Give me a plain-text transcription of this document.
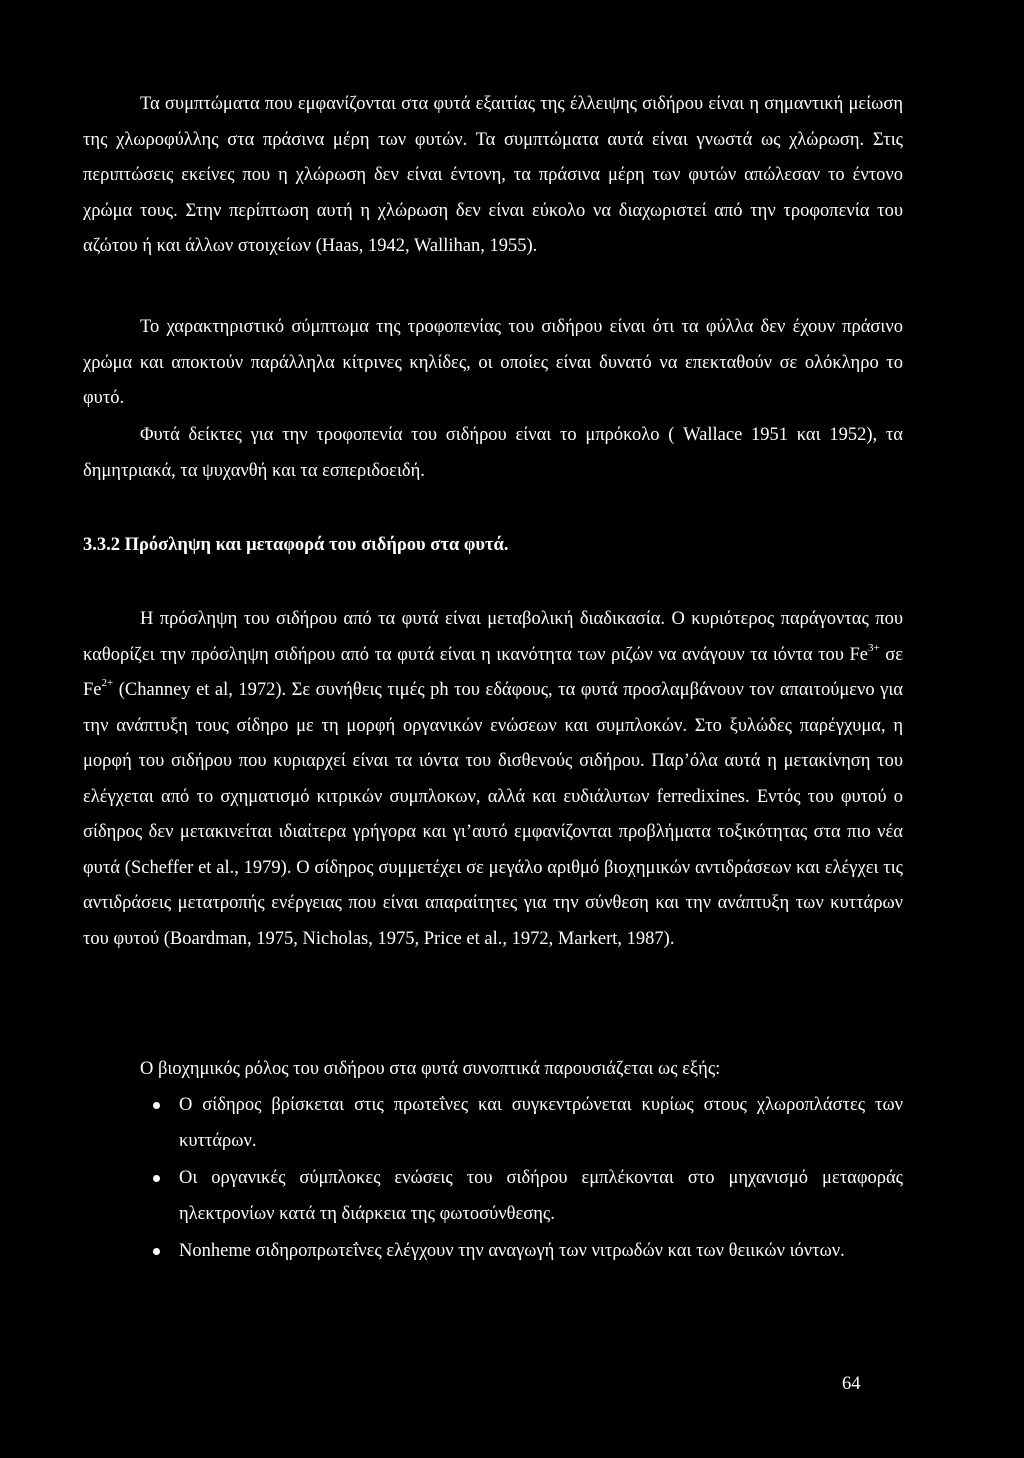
Τα συμπτώματα που εμφανίζονται στα φυτά εξαιτίας της έλλειψης σιδήρου είναι η σημαντική μείωση της χλωροφύλλης στα πράσινα μέρη των φυτών. Τα συμπτώματα αυτά είναι γνωστά ως χλώρωση. Στις περιπτώσεις εκείνες που η χλώρωση δεν είναι έντονη, τα πράσινα μέρη των φυτών απώλεσαν το έντονο χρώμα τους. Στην περίπτωση αυτή η χλώρωση δεν είναι εύκολο να διαχωριστεί από την τροφοπενία του αζώτου ή και άλλων στοιχείων (Haas, 1942, Wallihan, 1955).

Το χαρακτηριστικό σύμπτωμα της τροφοπενίας του σιδήρου είναι ότι τα φύλλα δεν έχουν πράσινο χρώμα και αποκτούν παράλληλα κίτρινες κηλίδες, οι οποίες είναι δυνατό να επεκταθούν σε ολόκληρο το φυτό.

Φυτά δείκτες για την τροφοπενία του σιδήρου είναι το μπρόκολο ( Wallace 1951 και 1952), τα δημητριακά, τα ψυχανθή και τα εσπεριδοειδή.

3.3.2 Πρόσληψη και μεταφορά του σιδήρου στα φυτά.

Η πρόσληψη του σιδήρου από τα φυτά είναι μεταβολική διαδικασία. Ο κυριότερος παράγοντας που καθορίζει την πρόσληψη σιδήρου από τα φυτά είναι η ικανότητα των ριζών να ανάγουν τα ιόντα του $Fe^{3+}$ σε $Fe^{2+}$ (Channey et al, 1972). Σε συνήθεις τιμές ph του εδάφους, τα φυτά προσλαμβάνουν τον απαιτούμενο για την ανάπτυξη τους σίδηρο με τη μορφή οργανικών ενώσεων και συμπλοκών. Στο ξυλώδες παρέγχυμα, η μορφή του σιδήρου που κυριαρχεί είναι τα ιόντα του δισθενούς σιδήρου. Παρ’όλα αυτά η μετακίνηση του ελέγχεται από το σχηματισμό κιτρικών συμπλοκων, αλλά και ευδιάλυτων ferredixines. Εντός του φυτού ο σίδηρος δεν μετακινείται ιδιαίτερα γρήγορα και γι’αυτό εμφανίζονται προβλήματα τοξικότητας στα πιο νέα φυτά (Scheffer et al., 1979). Ο σίδηρος συμμετέχει σε μεγάλο αριθμό βιοχημικών αντιδράσεων και ελέγχει τις αντιδράσεις μετατροπής ενέργειας που είναι απαραίτητες για την σύνθεση και την ανάπτυξη των κυττάρων του φυτού (Boardman, 1975, Nicholas, 1975, Price et al., 1972, Markert, 1987).

Ο βιοχημικός ρόλος του σιδήρου στα φυτά συνοπτικά παρουσιάζεται ως εξής:

Ο σίδηρος βρίσκεται στις πρωτεΐνες και συγκεντρώνεται κυρίως στους χλωροπλάστες των κυττάρων.
Οι οργανικές σύμπλοκες ενώσεις του σιδήρου εμπλέκονται στο μηχανισμό μεταφοράς ηλεκτρονίων κατά τη διάρκεια της φωτοσύνθεσης.
Nonheme σιδηροπρωτεΐνες ελέγχουν την αναγωγή των νιτρωδών και των θειικών ιόντων.

64
